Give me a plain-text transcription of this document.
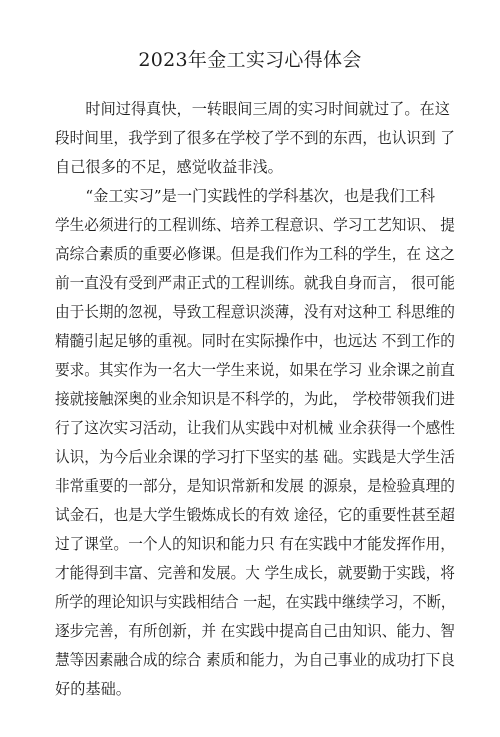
2023年金工实习心得体会
　　时间过得真快，一转眼间三周的实习时间就过了。在这
段时间里，我学到了很多在学校了学不到的东西，也认识到 了
自己很多的不足，感觉收益非浅。
　　“金工实习”是一门实践性的学科基次，也是我们工科
学生必须进行的工程训练、培养工程意识、学习工艺知识、 提
高综合素质的重要必修课。但是我们作为工科的学生，在 这之
前一直没有受到严肃正式的工程训练。就我自身而言， 很可能
由于长期的忽视，导致工程意识淡薄，没有对这种工 科思维的
精髓引起足够的重视。同时在实际操作中，也远达 不到工作的
要求。其实作为一名大一学生来说，如果在学习 业余课之前直
接就接触深奥的业余知识是不科学的，为此， 学校带领我们进
行了这次实习活动，让我们从实践中对机械 业余获得一个感性
认识，为今后业余课的学习打下坚实的基 础。实践是大学生活
非常重要的一部分，是知识常新和发展 的源泉，是检验真理的
试金石，也是大学生锻炼成长的有效 途径，它的重要性甚至超
过了课堂。一个人的知识和能力只 有在实践中才能发挥作用，
才能得到丰富、完善和发展。大 学生成长，就要勤于实践，将
所学的理论知识与实践相结合 一起，在实践中继续学习，不断，
逐步完善，有所创新，并 在实践中提高自己由知识、能力、智
慧等因素融合成的综合 素质和能力，为自己事业的成功打下良
好的基础。
